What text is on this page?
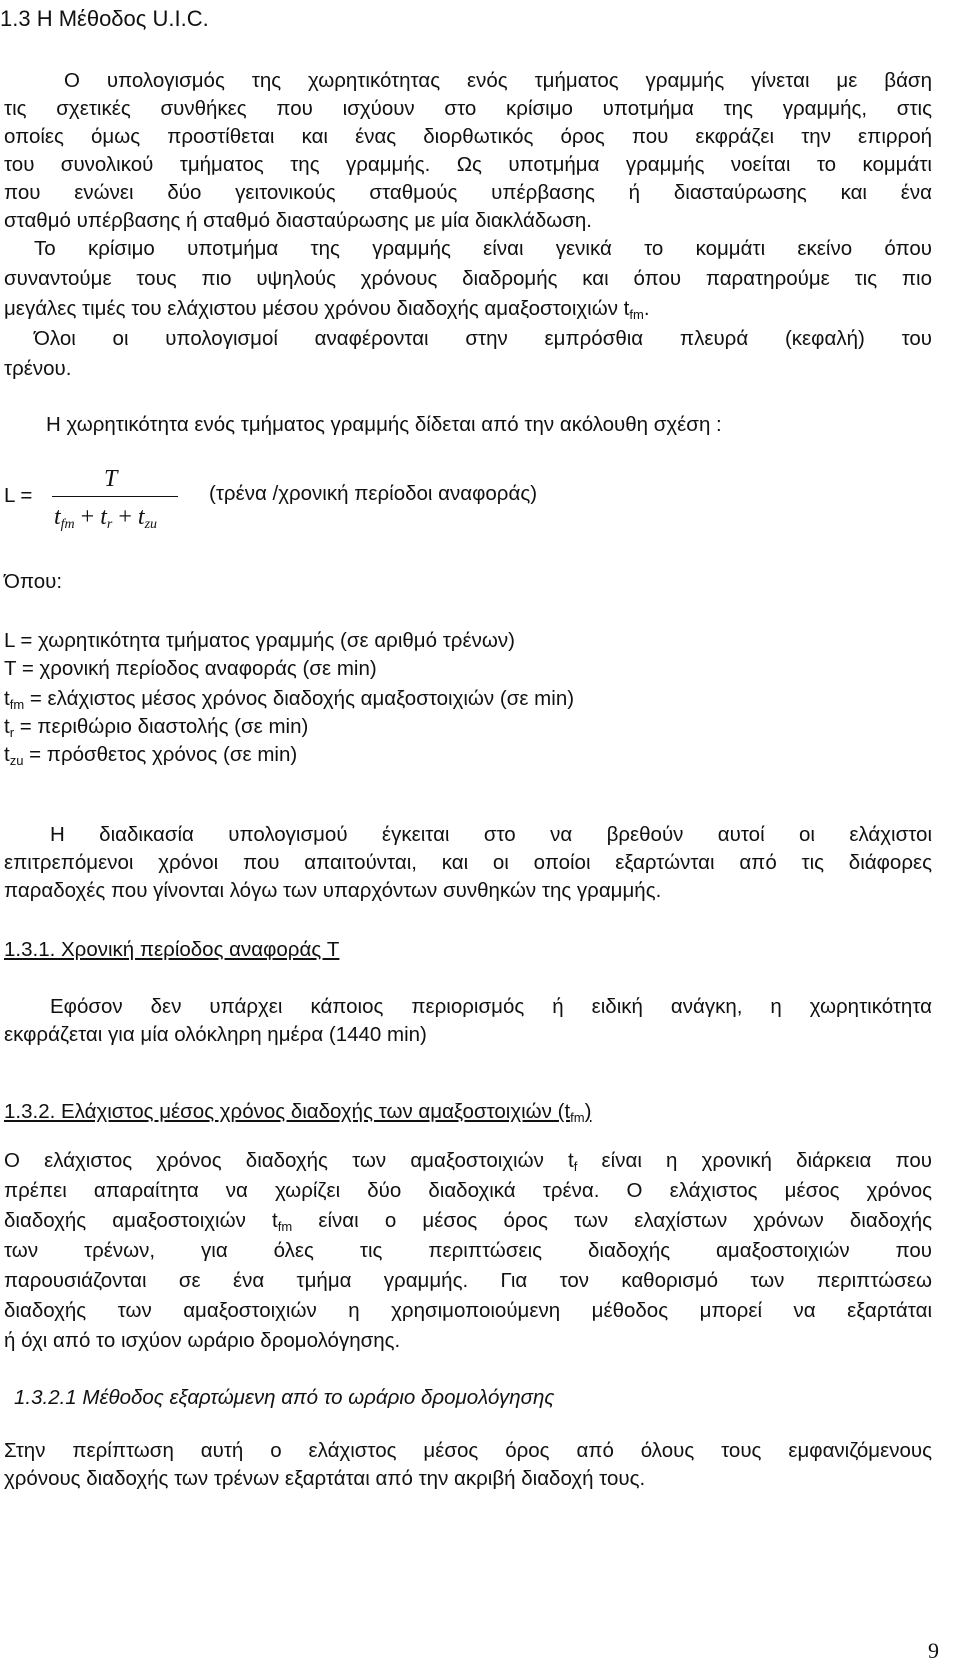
1.3 Η Μέθοδος U.I.C.
Ο υπολογισμός της χωρητικότητας ενός τμήματος γραμμής γίνεται με βάση
τις σχετικές συνθήκες που ισχύουν στο κρίσιμο υποτμήμα της γραμμής, στις
οποίες όμως προστίθεται και ένας διορθωτικός όρος που εκφράζει την επιρροή
του συνολικού τμήματος της γραμμής. Ως υποτμήμα γραμμής νοείται το κομμάτι
που ενώνει δύο γειτονικούς σταθμούς υπέρβασης ή διασταύρωσης και ένα
σταθμό υπέρβασης ή σταθμό διασταύρωσης με μία διακλάδωση.
Το κρίσιμο υποτμήμα της γραμμής είναι γενικά το κομμάτι εκείνο όπου
συναντούμε τους πιο υψηλούς χρόνους διαδρομής και όπου παρατηρούμε τις πιο
μεγάλες τιμές του ελάχιστου μέσου χρόνου διαδοχής αμαξοστοιχιών $t_{fm}$.
Όλοι οι υπολογισμοί αναφέρονται στην εμπρόσθια πλευρά (κεφαλή) του
τρένου.
Η χωρητικότητα ενός τμήματος γραμμής δίδεται από την ακόλουθη σχέση :
L =
T
$t_{fm} + t_r + t_{zu}$
(τρένα /χρονική περίοδοι αναφοράς)
Όπου:
L = χωρητικότητα τμήματος γραμμής (σε αριθμό τρένων)
T = χρονική περίοδος αναφοράς (σε min)
$t_{fm} = \varepsilon\lambda ά\chi\iota\sigma\tau o\varsigma$ μέσος χρόνος διαδοχής αμαξοστοιχιών (σε min)
$t_r = \pi\varepsilon\rho\iota\theta ώ\rho\iota o$ διαστολής (σε min)
$t_{zu} = \pi\rho ό\sigma\theta\varepsilon\tau o\varsigma$ χρόνος (σε min)
Η διαδικασία υπολογισμού έγκειται στο να βρεθούν αυτοί οι ελάχιστοι
επιτρεπόμενοι χρόνοι που απαιτούνται, και οι οποίοι εξαρτώνται από τις διάφορες
παραδοχές που γίνονται λόγω των υπαρχόντων συνθηκών της γραμμής.
1.3.1. Χρονική περίοδος αναφοράς T
Εφόσον δεν υπάρχει κάποιος περιορισμός ή ειδική ανάγκη, η χωρητικότητα
εκφράζεται για μία ολόκληρη ημέρα (1440 min)
1.3.2. Ελάχιστος μέσος χρόνος διαδοχής των αμαξοστοιχιών $(t_{fm})$
Ο ελάχιστος χρόνος διαδοχής των αμαξοστοιχιών $t_f$ είναι η χρονική διάρκεια που
πρέπει απαραίτητα να χωρίζει δύο διαδοχικά τρένα. Ο ελάχιστος μέσος χρόνος
διαδοχής αμαξοστοιχιών $t_{fm}$ είναι ο μέσος όρος των ελαχίστων χρόνων διαδοχής
των τρένων, για όλες τις περιπτώσεις διαδοχής αμαξοστοιχιών που
παρουσιάζονται σε ένα τμήμα γραμμής. Για τον καθορισμό των περιπτώσεω
διαδοχής των αμαξοστοιχιών η χρησιμοποιούμενη μέθοδος μπορεί να εξαρτάται
ή όχι από το ισχύον ωράριο δρομολόγησης.
1.3.2.1 Μέθοδος εξαρτώμενη από το ωράριο δρομολόγησης
Στην περίπτωση αυτή ο ελάχιστος μέσος όρος από όλους τους εμφανιζόμενους
χρόνους διαδοχής των τρένων εξαρτάται από την ακριβή διαδοχή τους.
9
